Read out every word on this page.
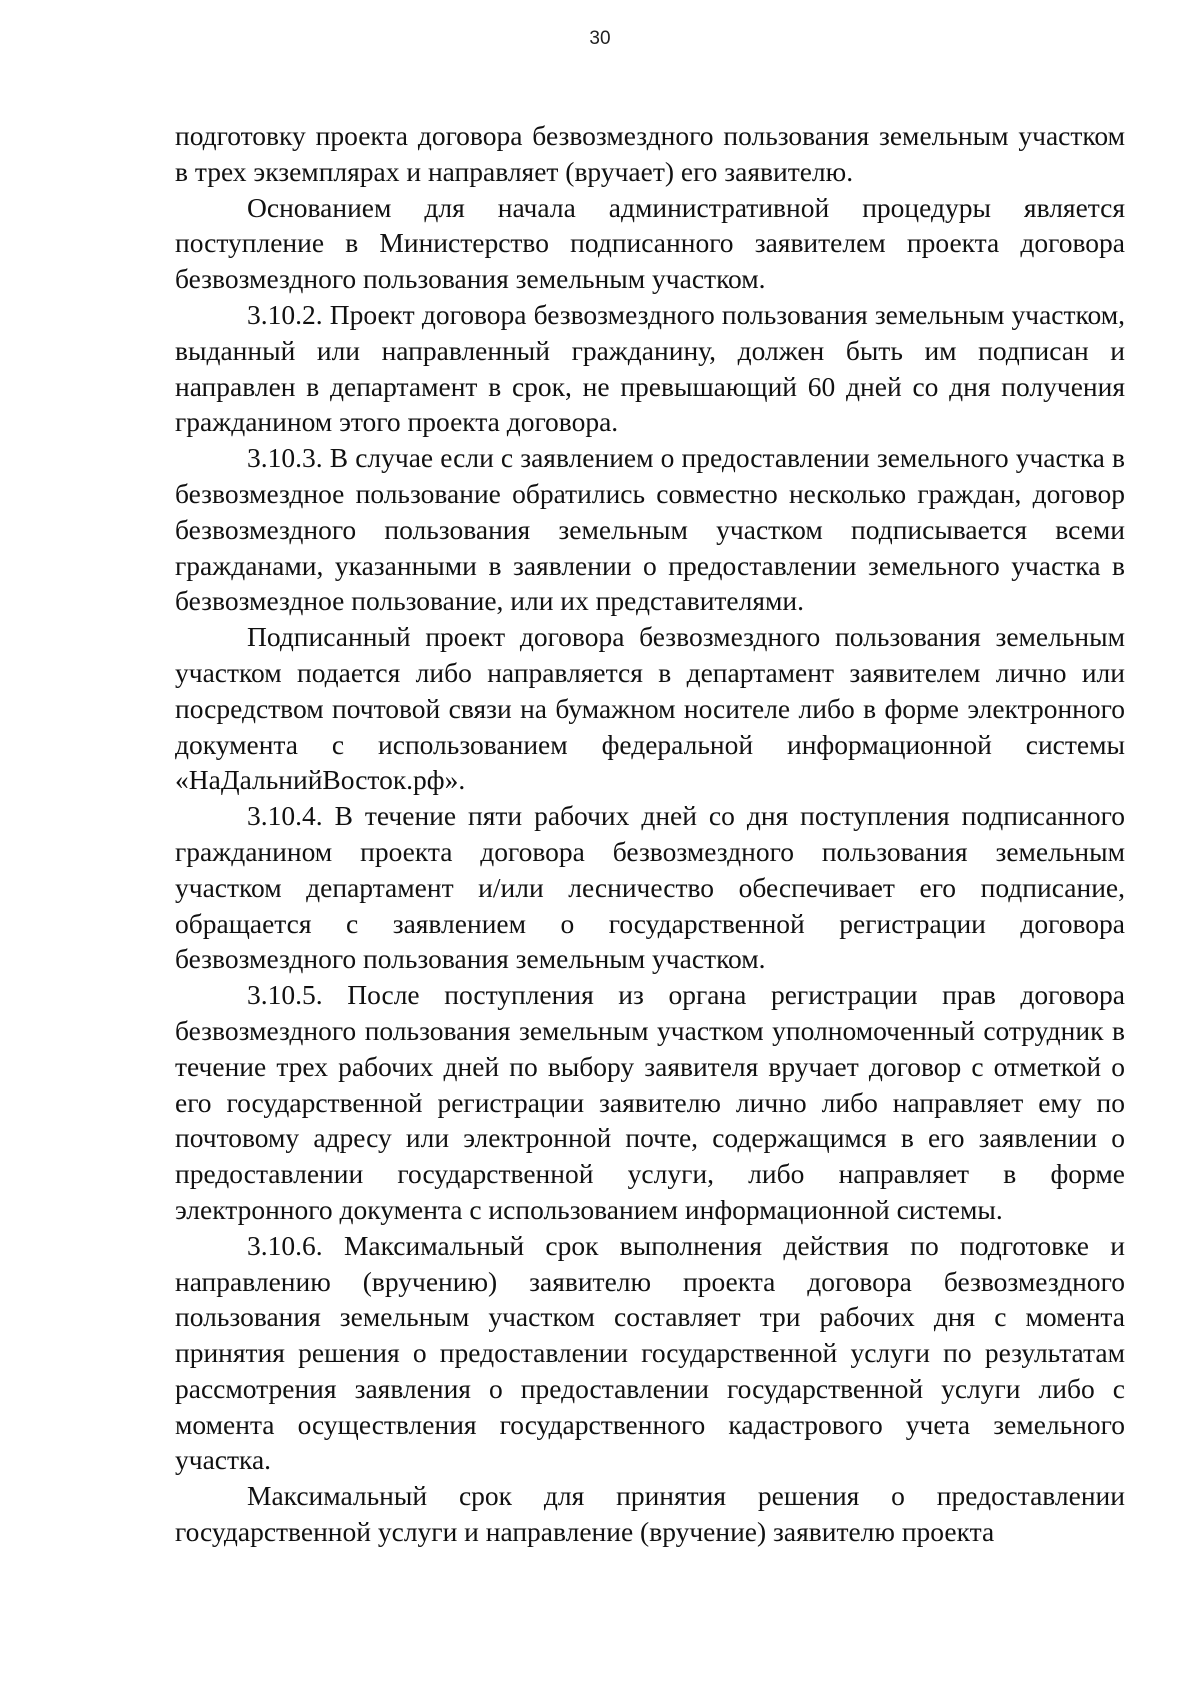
30

подготовку проекта договора безвозмездного пользования земельным участком в трех экземплярах и направляет (вручает) его заявителю.

Основанием для начала административной процедуры является поступление в Министерство подписанного заявителем проекта договора безвозмездного пользования земельным участком.

3.10.2. Проект договора безвозмездного пользования земельным участком, выданный или направленный гражданину, должен быть им подписан и направлен в департамент в срок, не превышающий 60 дней со дня получения гражданином этого проекта договора.

3.10.3. В случае если с заявлением о предоставлении земельного участка в безвозмездное пользование обратились совместно несколько граждан, договор безвозмездного пользования земельным участком подписывается всеми гражданами, указанными в заявлении о предоставлении земельного участка в безвозмездное пользование, или их представителями.

Подписанный проект договора безвозмездного пользования земельным участком подается либо направляется в департамент заявителем лично или посредством почтовой связи на бумажном носителе либо в форме электронного документа с использованием федеральной информационной системы «НаДальнийВосток.рф».

3.10.4. В течение пяти рабочих дней со дня поступления подписанного гражданином проекта договора безвозмездного пользования земельным участком департамент и/или лесничество обеспечивает его подписание, обращается с заявлением о государственной регистрации договора безвозмездного пользования земельным участком.

3.10.5. После поступления из органа регистрации прав договора безвозмездного пользования земельным участком уполномоченный сотрудник в течение трех рабочих дней по выбору заявителя вручает договор с отметкой о его государственной регистрации заявителю лично либо направляет ему по почтовому адресу или электронной почте, содержащимся в его заявлении о предоставлении государственной услуги, либо направляет в форме электронного документа с использованием информационной системы.

3.10.6. Максимальный срок выполнения действия по подготовке и направлению (вручению) заявителю проекта договора безвозмездного пользования земельным участком составляет три рабочих дня с момента принятия решения о предоставлении государственной услуги по результатам рассмотрения заявления о предоставлении государственной услуги либо с момента осуществления государственного кадастрового учета земельного участка.

Максимальный срок для принятия решения о предоставлении государственной услуги и направление (вручение) заявителю проекта
